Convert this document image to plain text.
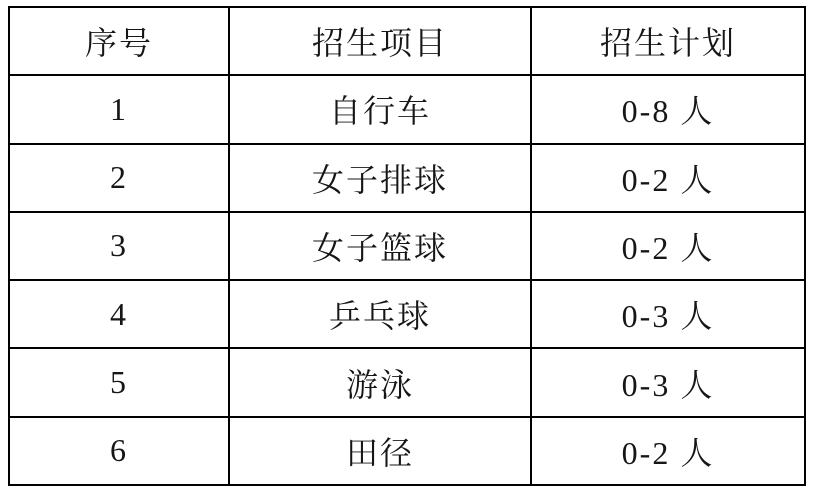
序号	招生项目	招生计划
1	自行车	0-8 人
2	女子排球	0-2 人
3	女子篮球	0-2 人
4	乒乓球	0-3 人
5	游泳	0-3 人
6	田径	0-2 人
